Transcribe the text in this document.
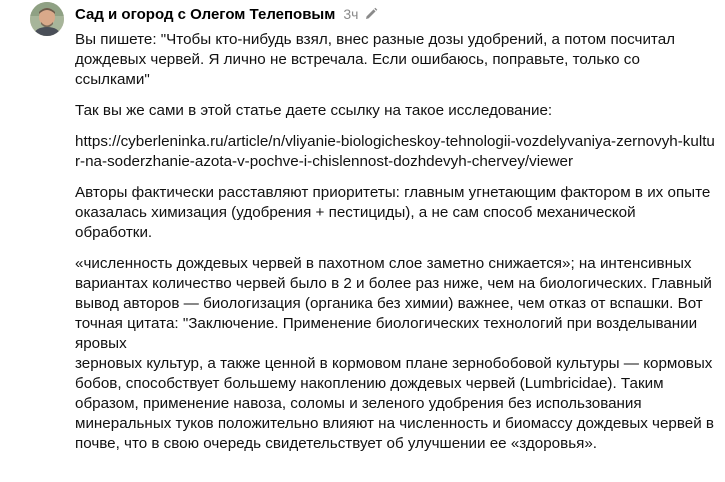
Сад и огород с Олегом Телеповым 3ч

Вы пишете: "Чтобы кто-нибудь взял, внес разные дозы удобрений, а потом посчитал дождевых червей. Я лично не встречала. Если ошибаюсь, поправьте, только со ссылками"

Так вы же сами в этой статье даете ссылку на такое исследование:

https://cyberleninka.ru/article/n/vliyanie-biologicheskoy-tehnologii-vozdelyvaniya-zernovyh-kultur-na-soderzhanie-azota-v-pochve-i-chislennost-dozhdevyh-chervey/viewer

Авторы фактически расставляют приоритеты: главным угнетающим фактором в их опыте оказалась химизация (удобрения + пестициды), а не сам способ механической обработки.

«численность дождевых червей в пахотном слое заметно снижается»; на интенсивных вариантах количество червей было в 2 и более раз ниже, чем на биологических. Главный вывод авторов — биологизация (органика без химии) важнее, чем отказ от вспашки. Вот точная цитата: "Заключение. Применение биологических технологий при возделывании яровых
зерновых культур, а также ценной в кормовом плане зернобобовой культуры — кормовых бобов, способствует большему накоплению дождевых червей (Lumbricidae). Таким образом, применение навоза, соломы и зеленого удобрения без использования минеральных туков положительно влияют на численность и биомассу дождевых червей в
почве, что в свою очередь свидетельствует об улучшении ее «здоровья».
